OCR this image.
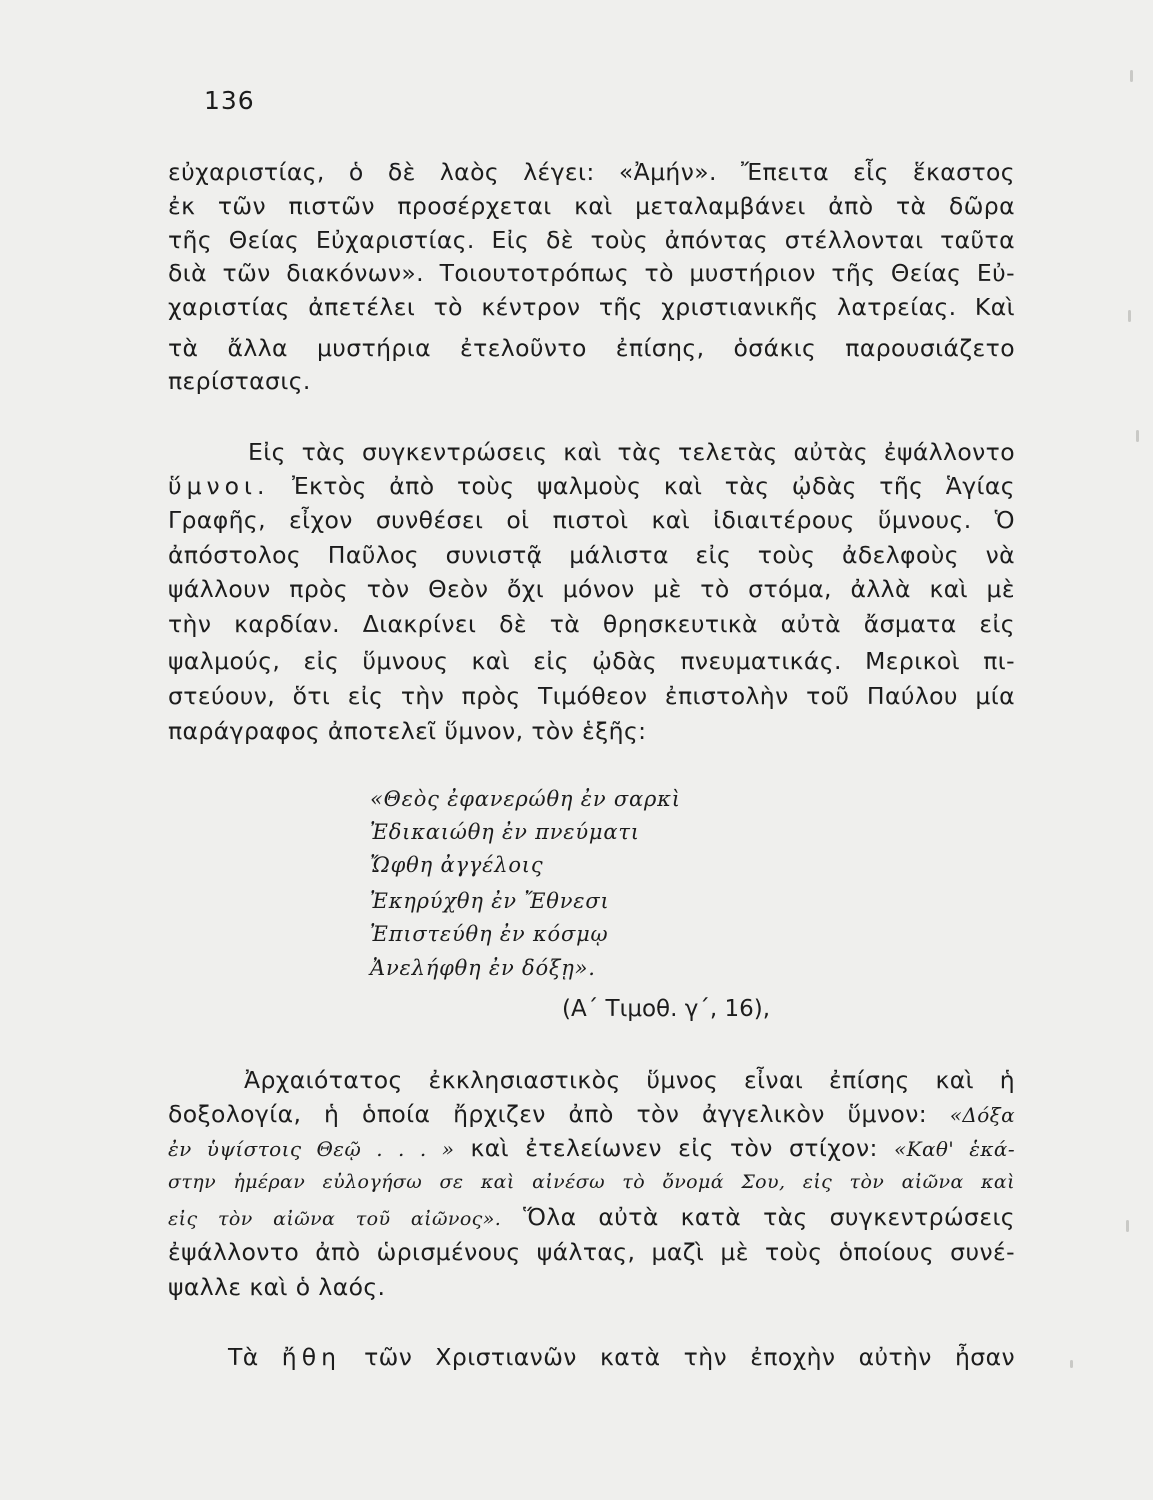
136
εὐχαριστίας, ὁ δὲ λαὸς λέγει: «Ἀμήν». Ἔπειτα εἷς ἕκαστος
ἐκ τῶν πιστῶν προσέρχεται καὶ μεταλαμβάνει ἀπὸ τὰ δῶρα
τῆς Θείας Εὐχαριστίας. Εἰς δὲ τοὺς ἀπόντας στέλλονται ταῦτα
διὰ τῶν διακόνων». Τοιουτοτρόπως τὸ μυστήριον τῆς Θείας Εὐ-
χαριστίας ἀπετέλει τὸ κέντρον τῆς χριστιανικῆς λατρείας. Καὶ
τὰ ἄλλα μυστήρια ἐτελοῦντο ἐπίσης, ὁσάκις παρουσιάζετο
περίστασις.
Εἰς τὰς συγκεντρώσεις καὶ τὰς τελετὰς αὐτὰς ἐψάλλοντο
ὕμνοι. Ἐκτὸς ἀπὸ τοὺς ψαλμοὺς καὶ τὰς ᾠδὰς τῆς Ἁγίας
Γραφῆς, εἶχον συνθέσει οἱ πιστοὶ καὶ ἰδιαιτέρους ὕμνους. Ὁ
ἀπόστολος Παῦλος συνιστᾷ μάλιστα εἰς τοὺς ἀδελφοὺς νὰ
ψάλλουν πρὸς τὸν Θεὸν ὄχι μόνον μὲ τὸ στόμα, ἀλλὰ καὶ μὲ
τὴν καρδίαν. Διακρίνει δὲ τὰ θρησκευτικὰ αὐτὰ ἄσματα εἰς
ψαλμούς, εἰς ὕμνους καὶ εἰς ᾠδὰς πνευματικάς. Μερικοὶ πι-
στεύουν, ὅτι εἰς τὴν πρὸς Τιμόθεον ἐπιστολὴν τοῦ Παύλου μία
παράγραφος ἀποτελεῖ ὕμνον, τὸν ἑξῆς:
«Θεὸς ἐφανερώθη ἐν σαρκὶ
Ἐδικαιώθη ἐν πνεύματι
Ὤφθη ἀγγέλοις
Ἐκηρύχθη ἐν Ἔθνεσι
Ἐπιστεύθη ἐν κόσμῳ
Ἀνελήφθη ἐν δόξῃ».
(Α΄ Τιμοθ. γ΄, 16),
Ἀρχαιότατος ἐκκλησιαστικὸς ὕμνος εἶναι ἐπίσης καὶ ἡ
δοξολογία, ἡ ὁποία ἤρχιζεν ἀπὸ τὸν ἀγγελικὸν ὕμνον: «Δόξα
ἐν ὑψίστοις Θεῷ . . . » καὶ ἐτελείωνεν εἰς τὸν στίχον: «Καθ' ἑκά-
στην ἡμέραν εὐλογήσω σε καὶ αἰνέσω τὸ ὄνομά Σου, εἰς τὸν αἰῶνα καὶ
εἰς τὸν αἰῶνα τοῦ αἰῶνος». Ὅλα αὐτὰ κατὰ τὰς συγκεντρώσεις
ἐψάλλοντο ἀπὸ ὡρισμένους ψάλτας, μαζὶ μὲ τοὺς ὁποίους συνέ-
ψαλλε καὶ ὁ λαός.
Τὰ ἤθη τῶν Χριστιανῶν κατὰ τὴν ἐποχὴν αὐτὴν ἦσαν
